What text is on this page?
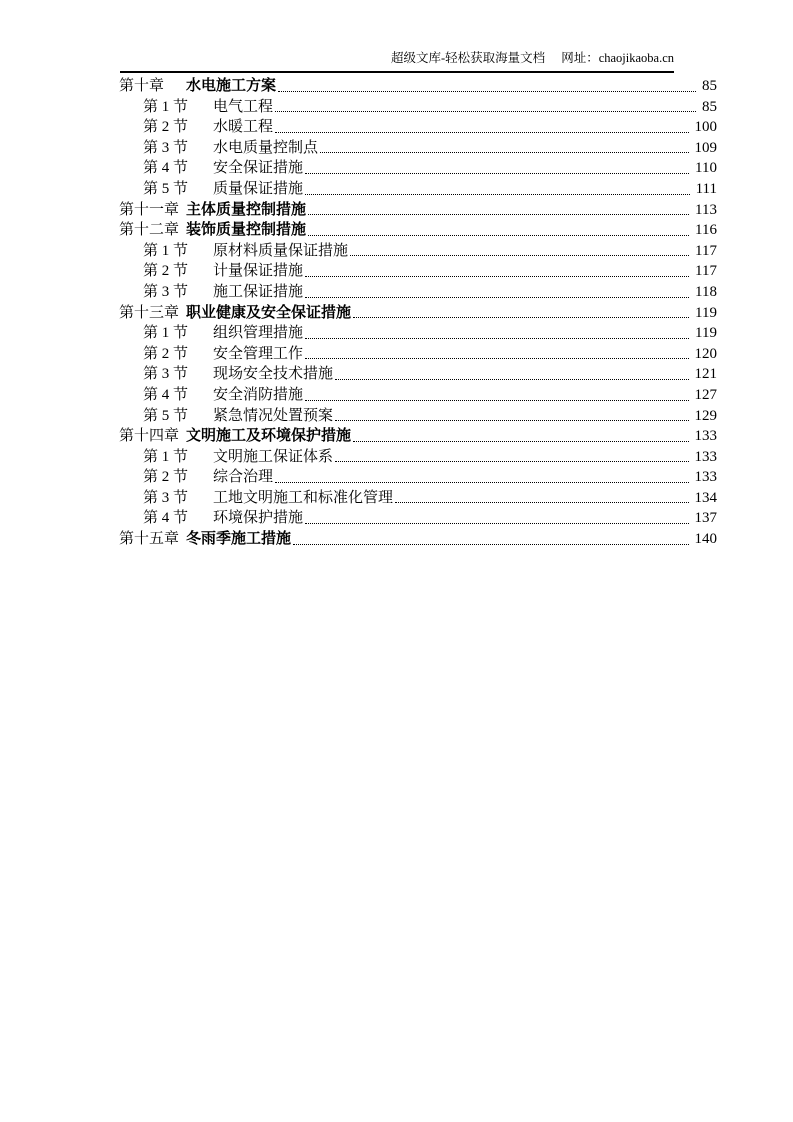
超级文库-轻松获取海量文档 网址：chaojikaoba.cn
第十章	水电施工方案	85
第 1 节	电气工程	85
第 2 节	水暖工程	100
第 3 节	水电质量控制点	109
第 4 节	安全保证措施	110
第 5 节	质量保证措施	111
第十一章 主体质量控制措施	113
第十二章 装饰质量控制措施	116
第 1 节	原材料质量保证措施	117
第 2 节	计量保证措施	117
第 3 节	施工保证措施	118
第十三章 职业健康及安全保证措施	119
第 1 节	组织管理措施	119
第 2 节	安全管理工作	120
第 3 节	现场安全技术措施	121
第 4 节	安全消防措施	127
第 5 节	紧急情况处置预案	129
第十四章 文明施工及环境保护措施	133
第 1 节	文明施工保证体系	133
第 2 节	综合治理	133
第 3 节	工地文明施工和标准化管理	134
第 4 节	环境保护措施	137
第十五章 冬雨季施工措施	140
